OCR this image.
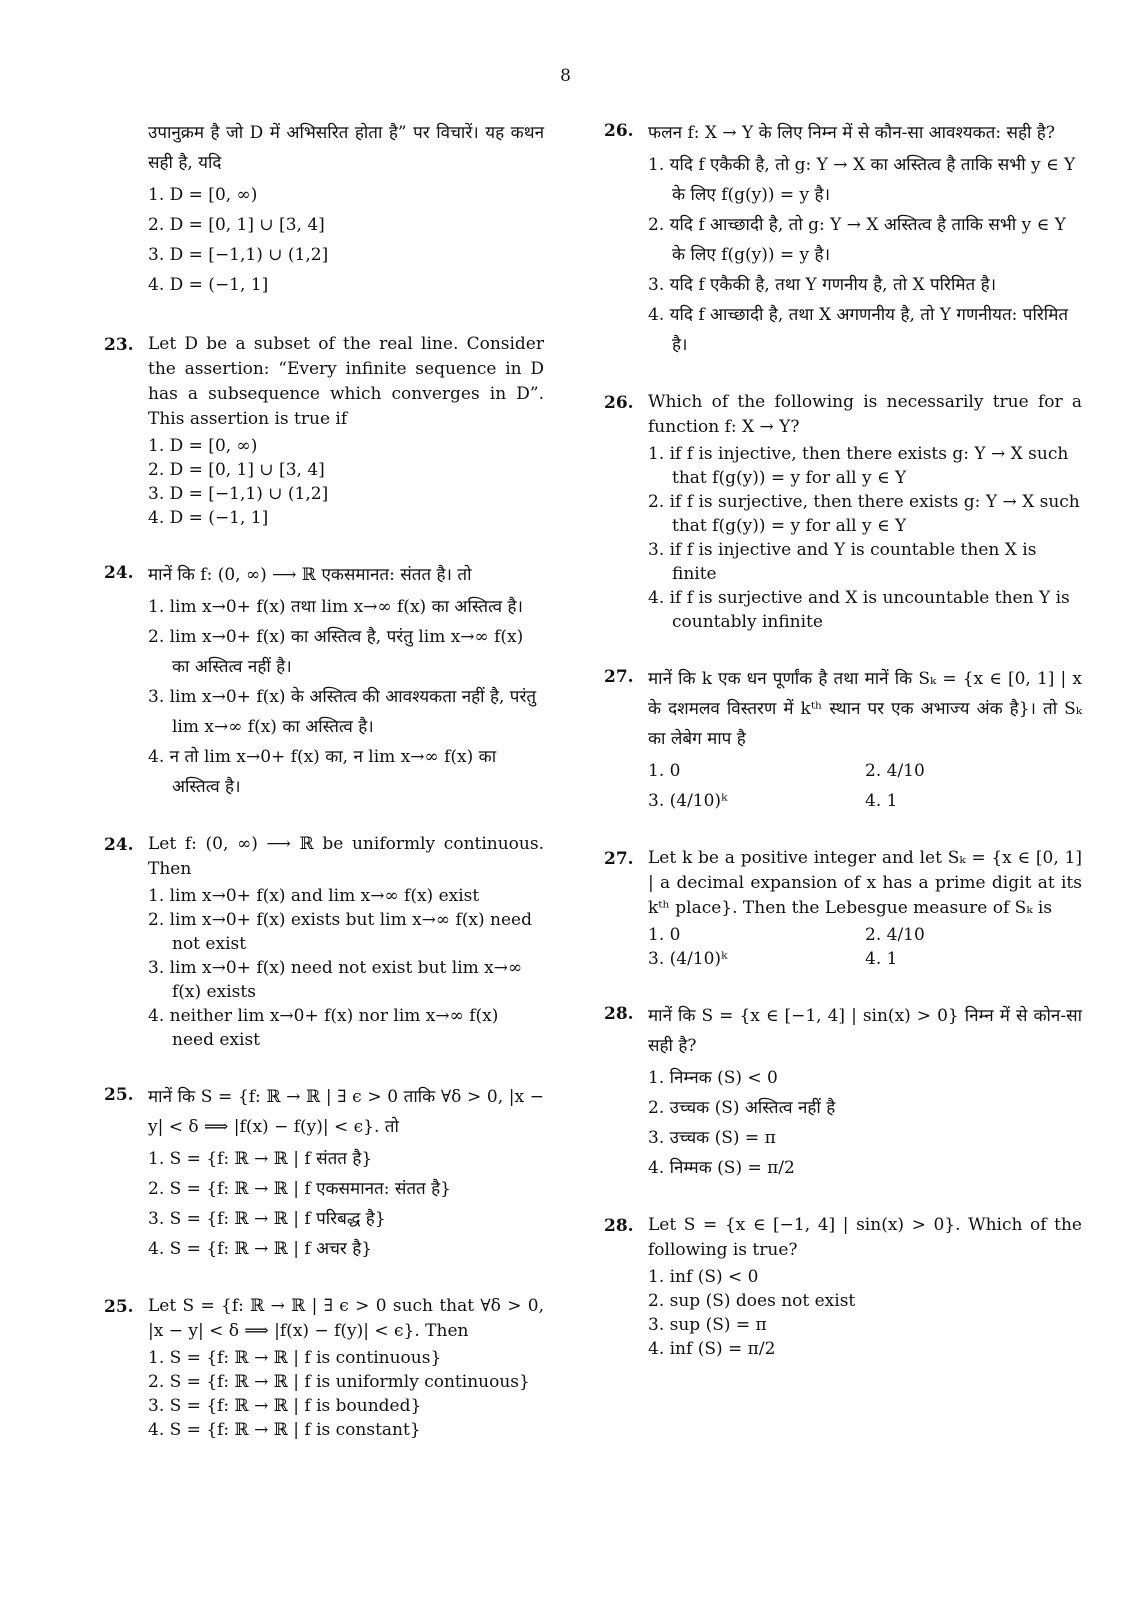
8
उपानुक्रम है जो D में अभिसरित होता है” पर विचारें। यह कथन सही है, यदि
1. D = [0, ∞)
2. D = [0, 1] ∪ [3, 4]
3. D = [−1,1) ∪ (1,2]
4. D = (−1, 1]
23. Let D be a subset of the real line. Consider the assertion: “Every infinite sequence in D has a subsequence which converges in D”. This assertion is true if
1. D = [0, ∞)
2. D = [0, 1] ∪ [3, 4]
3. D = [−1,1) ∪ (1,2]
4. D = (−1, 1]
24. मानें कि f: (0, ∞) ⟶ ℝ एकसमानत: संतत है। तो
1. lim x→0+ f(x) तथा lim x→∞ f(x) का अस्तित्व है।
2. lim x→0+ f(x) का अस्तित्व है, परंतु lim x→∞ f(x) का अस्तित्व नहीं है।
3. lim x→0+ f(x) के अस्तित्व की आवश्यकता नहीं है, परंतु lim x→∞ f(x) का अस्तित्व है।
4. न तो lim x→0+ f(x) का, न lim x→∞ f(x) का अस्तित्व है।
24. Let f: (0, ∞) ⟶ ℝ be uniformly continuous. Then
1. lim x→0+ f(x) and lim x→∞ f(x) exist
2. lim x→0+ f(x) exists but lim x→∞ f(x) need not exist
3. lim x→0+ f(x) need not exist but lim x→∞ f(x) exists
4. neither lim x→0+ f(x) nor lim x→∞ f(x) need exist
25. मानें कि S = {f: ℝ → ℝ | ∃ ϵ > 0 ताकि ∀δ > 0, |x − y| < δ ⟹ |f(x) − f(y)| < ϵ}. तो
1. S = {f: ℝ → ℝ | f संतत है}
2. S = {f: ℝ → ℝ | f एकसमानत: संतत है}
3. S = {f: ℝ → ℝ | f परिबद्ध है}
4. S = {f: ℝ → ℝ | f अचर है}
25. Let S = {f: ℝ → ℝ | ∃ ϵ > 0 such that ∀δ > 0, |x − y| < δ ⟹ |f(x) − f(y)| < ϵ}. Then
1. S = {f: ℝ → ℝ | f is continuous}
2. S = {f: ℝ → ℝ | f is uniformly continuous}
3. S = {f: ℝ → ℝ | f is bounded}
4. S = {f: ℝ → ℝ | f is constant}
26. फलन f: X → Y के लिए निम्न में से कौन-सा आवश्यकत: सही है?
1. यदि f एकैकी है, तो g: Y → X का अस्तित्व है ताकि सभी y ∈ Y के लिए f(g(y)) = y है।
2. यदि f आच्छादी है, तो g: Y → X अस्तित्व है ताकि सभी y ∈ Y के लिए f(g(y)) = y है।
3. यदि f एकैकी है, तथा Y गणनीय है, तो X परिमित है।
4. यदि f आच्छादी है, तथा X अगणनीय है, तो Y गणनीयत: परिमित है।
26. Which of the following is necessarily true for a function f: X → Y?
1. if f is injective, then there exists g: Y → X such that f(g(y)) = y for all y ∈ Y
2. if f is surjective, then there exists g: Y → X such that f(g(y)) = y for all y ∈ Y
3. if f is injective and Y is countable then X is finite
4. if f is surjective and X is uncountable then Y is countably infinite
27. मानें कि k एक धन पूर्णांक है तथा मानें कि Sₖ = {x ∈ [0, 1] | x के दशमलव विस्तरण में kᵗʰ स्थान पर एक अभाज्य अंक है}। तो Sₖ का लेबेग माप है
1. 0	2. 4/10
3. (4/10)ᵏ	4. 1
27. Let k be a positive integer and let Sₖ = {x ∈ [0, 1] | a decimal expansion of x has a prime digit at its kᵗʰ place}. Then the Lebesgue measure of Sₖ is
1. 0	2. 4/10
3. (4/10)ᵏ	4. 1
28. मानें कि S = {x ∈ [−1, 4] | sin(x) > 0} निम्न में से कोन-सा सही है?
1. निम्नक (S) < 0
2. उच्चक (S) अस्तित्व नहीं है
3. उच्चक (S) = π
4. निम्मक (S) = π/2
28. Let S = {x ∈ [−1, 4] | sin(x) > 0}. Which of the following is true?
1. inf (S) < 0
2. sup (S) does not exist
3. sup (S) = π
4. inf (S) = π/2
